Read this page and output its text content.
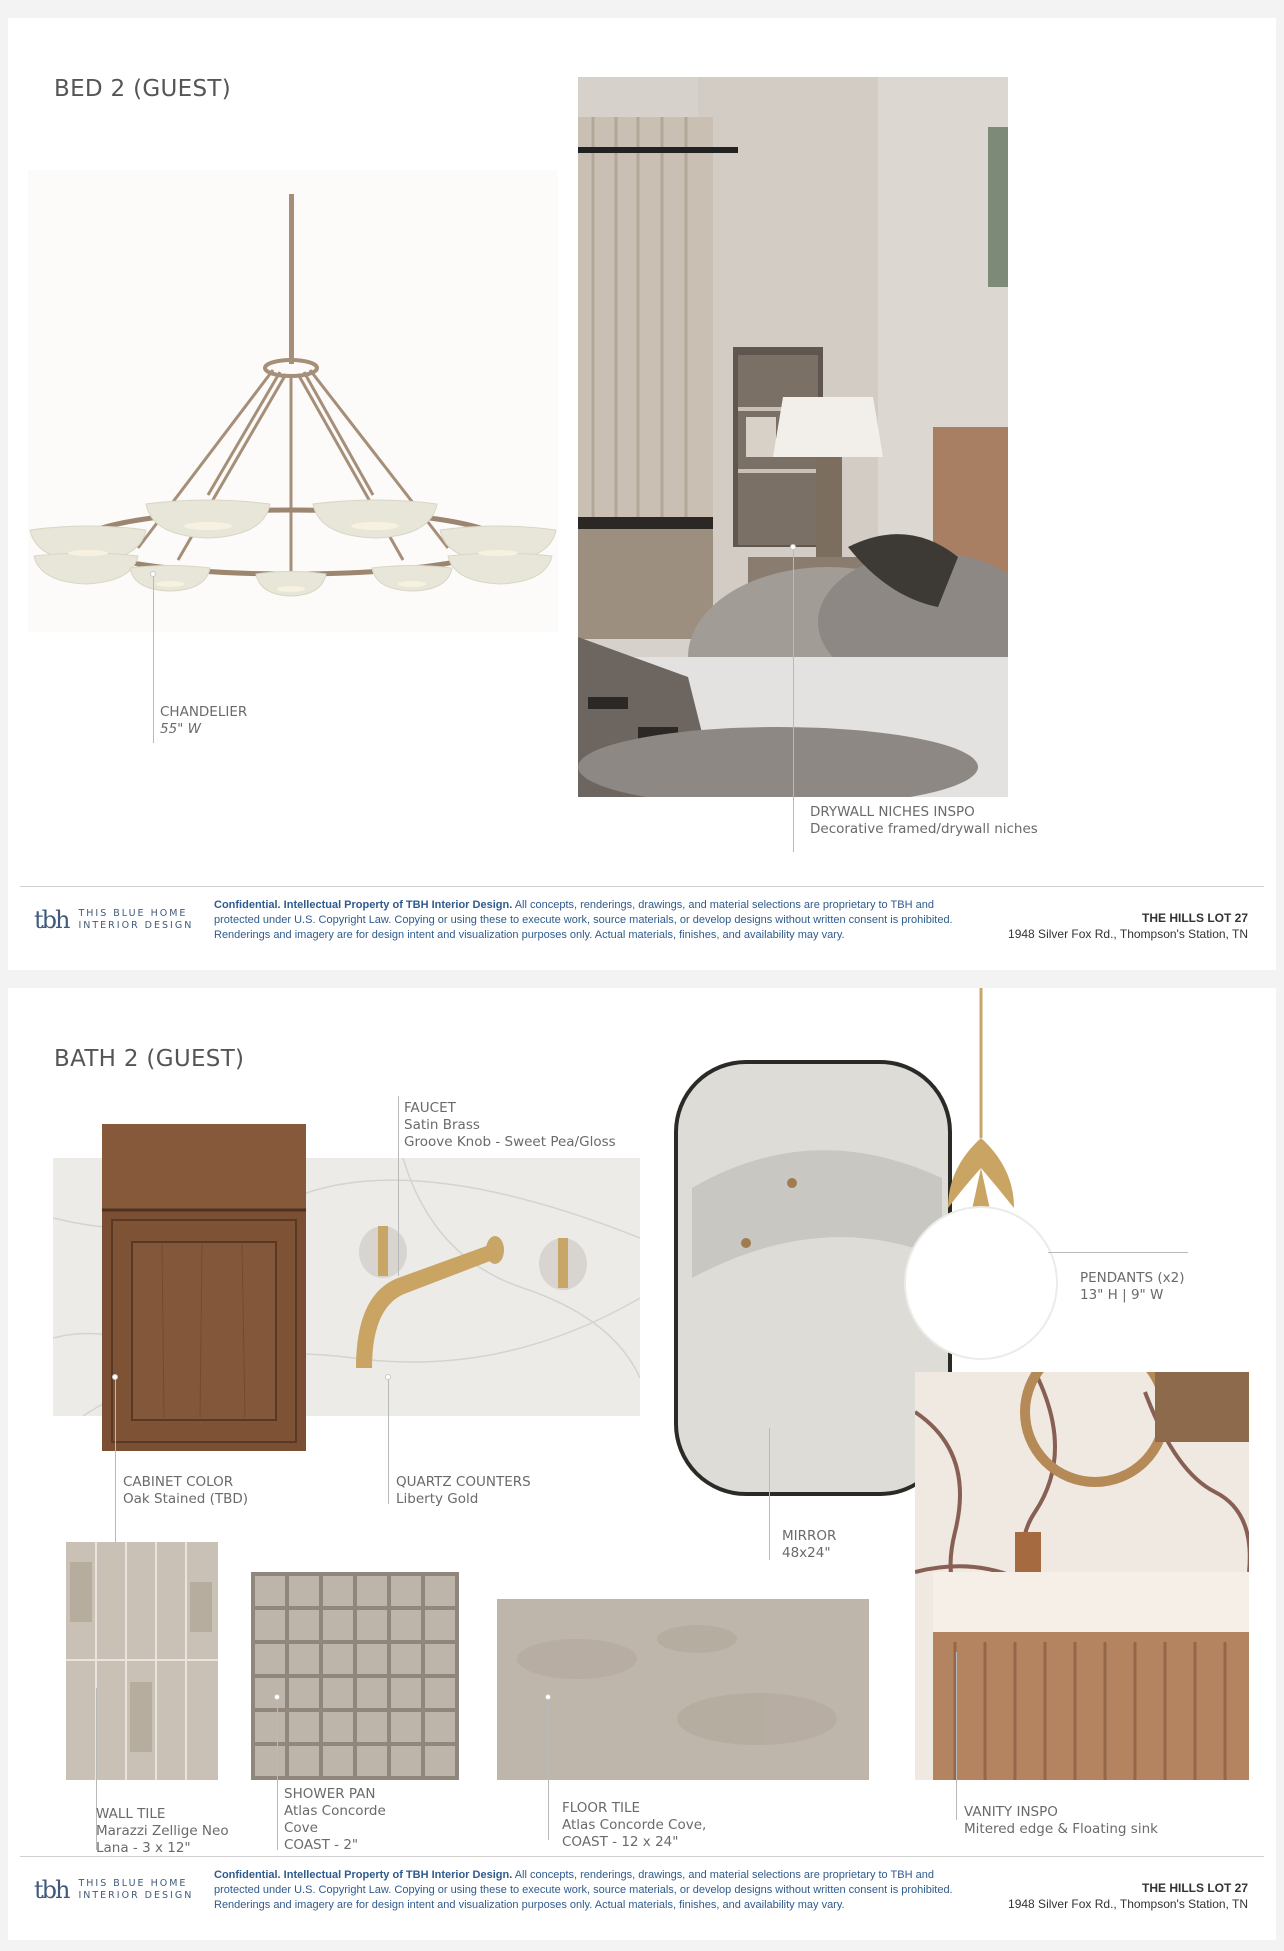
BED 2 (GUEST)
CHANDELIER
55" W
DRYWALL NICHES INSPO
Decorative framed/drywall niches
tbh THIS BLUE HOME
INTERIOR DESIGN
Confidential. Intellectual Property of TBH Interior Design. All concepts, renderings, drawings, and material selections are proprietary to TBH and protected under U.S. Copyright Law. Copying or using these to execute work, source materials, or develop designs without written consent is prohibited. Renderings and imagery are for design intent and visualization purposes only. Actual materials, finishes, and availability may vary.
THE HILLS LOT 27
1948 Silver Fox Rd., Thompson's Station, TN
BATH 2 (GUEST)
FAUCET
Satin Brass
Groove Knob - Sweet Pea/Gloss
CABINET COLOR
Oak Stained (TBD)
QUARTZ COUNTERS
Liberty Gold
PENDANTS (x2)
13" H | 9" W
MIRROR
48x24"
VANITY INSPO
Mitered edge & Floating sink
WALL TILE
Marazzi Zellige Neo
Lana - 3 x 12"
SHOWER PAN
Atlas Concorde
Cove
COAST - 2"
FLOOR TILE
Atlas Concorde Cove,
COAST - 12 x 24"
tbh THIS BLUE HOME
INTERIOR DESIGN
Confidential. Intellectual Property of TBH Interior Design. All concepts, renderings, drawings, and material selections are proprietary to TBH and protected under U.S. Copyright Law. Copying or using these to execute work, source materials, or develop designs without written consent is prohibited. Renderings and imagery are for design intent and visualization purposes only. Actual materials, finishes, and availability may vary.
THE HILLS LOT 27
1948 Silver Fox Rd., Thompson's Station, TN
